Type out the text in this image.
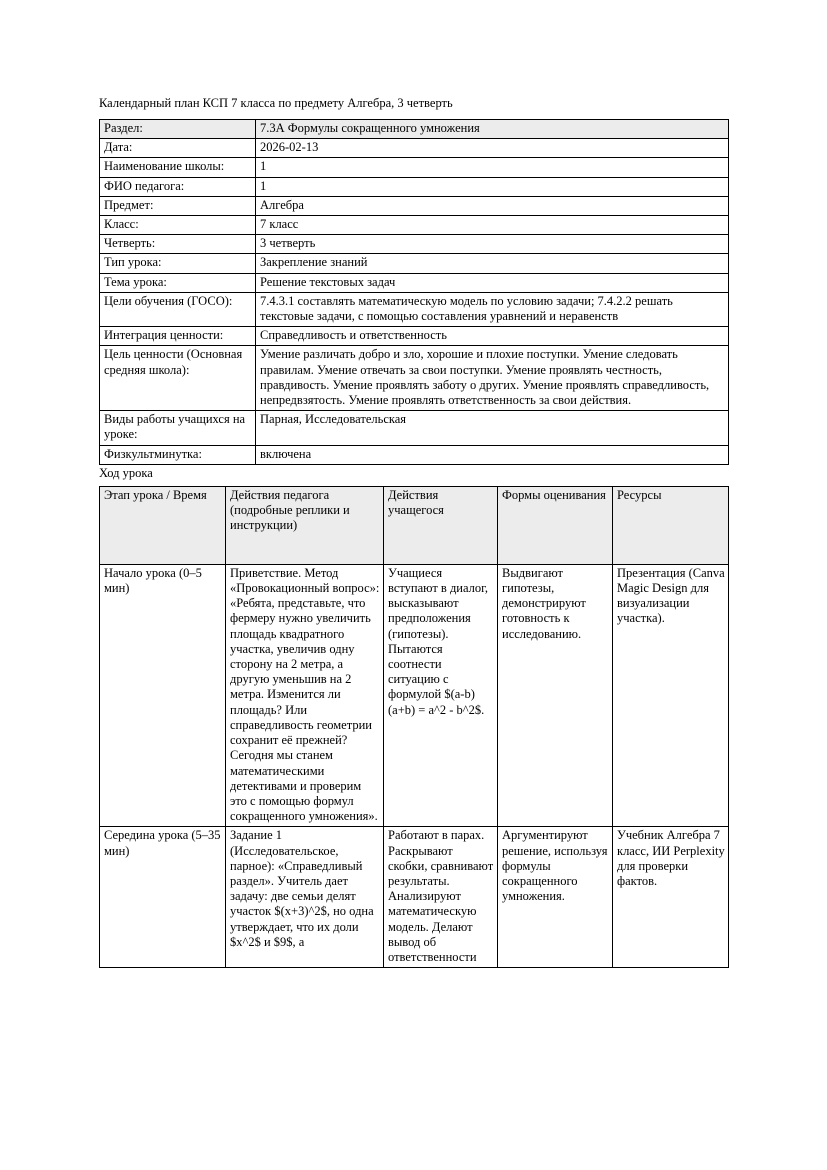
Календарный план КСП 7 класса по предмету Алгебра, 3 четверть
Раздел:	7.3А Формулы сокращенного умножения
Дата:	2026-02-13
Наименование школы:	1
ФИО педагога:	1
Предмет:	Алгебра
Класс:	7 класс
Четверть:	3 четверть
Тип урока:	Закрепление знаний
Тема урока:	Решение текстовых задач
Цели обучения (ГОСО):	7.4.3.1 составлять математическую модель по условию задачи; 7.4.2.2 решать текстовые задачи, с помощью составления уравнений и неравенств
Интеграция ценности:	Справедливость и ответственность
Цель ценности (Основная средняя школа):	Умение различать добро и зло, хорошие и плохие поступки. Умение следовать правилам. Умение отвечать за свои поступки. Умение проявлять честность, правдивость. Умение проявлять заботу о других. Умение проявлять справедливость, непредвзятость. Умение проявлять ответственность за свои действия.
Виды работы учащихся на уроке:	Парная, Исследовательская
Физкультминутка:	включена
Ход урока
Этап урока / Время	Действия педагога (подробные реплики и инструкции)	Действия учащегося	Формы оценивания	Ресурсы
Начало урока (0–5 мин)	Приветствие. Метод «Провокационный вопрос»: «Ребята, представьте, что фермеру нужно увеличить площадь квадратного участка, увеличив одну сторону на 2 метра, а другую уменьшив на 2 метра. Изменится ли площадь? Или справедливость геометрии сохранит её прежней? Сегодня мы станем математическими детективами и проверим это с помощью формул сокращенного умножения».	Учащиеся вступают в диалог, высказывают предположения (гипотезы). Пытаются соотнести ситуацию с формулой $(a-b)(a+b) = a^2 - b^2$.	Выдвигают гипотезы, демонстрируют готовность к исследованию.	Презентация (Canva Magic Design для визуализации участка).
Середина урока (5–35 мин)	Задание 1 (Исследовательское, парное): «Справедливый раздел». Учитель дает задачу: две семьи делят участок $(x+3)^2$, но одна утверждает, что их доли $x^2$ и $9$, а	Работают в парах. Раскрывают скобки, сравнивают результаты. Анализируют математическую модель. Делают вывод об ответственности	Аргументируют решение, используя формулы сокращенного умножения.	Учебник Алгебра 7 класс, ИИ Perplexity для проверки фактов.
